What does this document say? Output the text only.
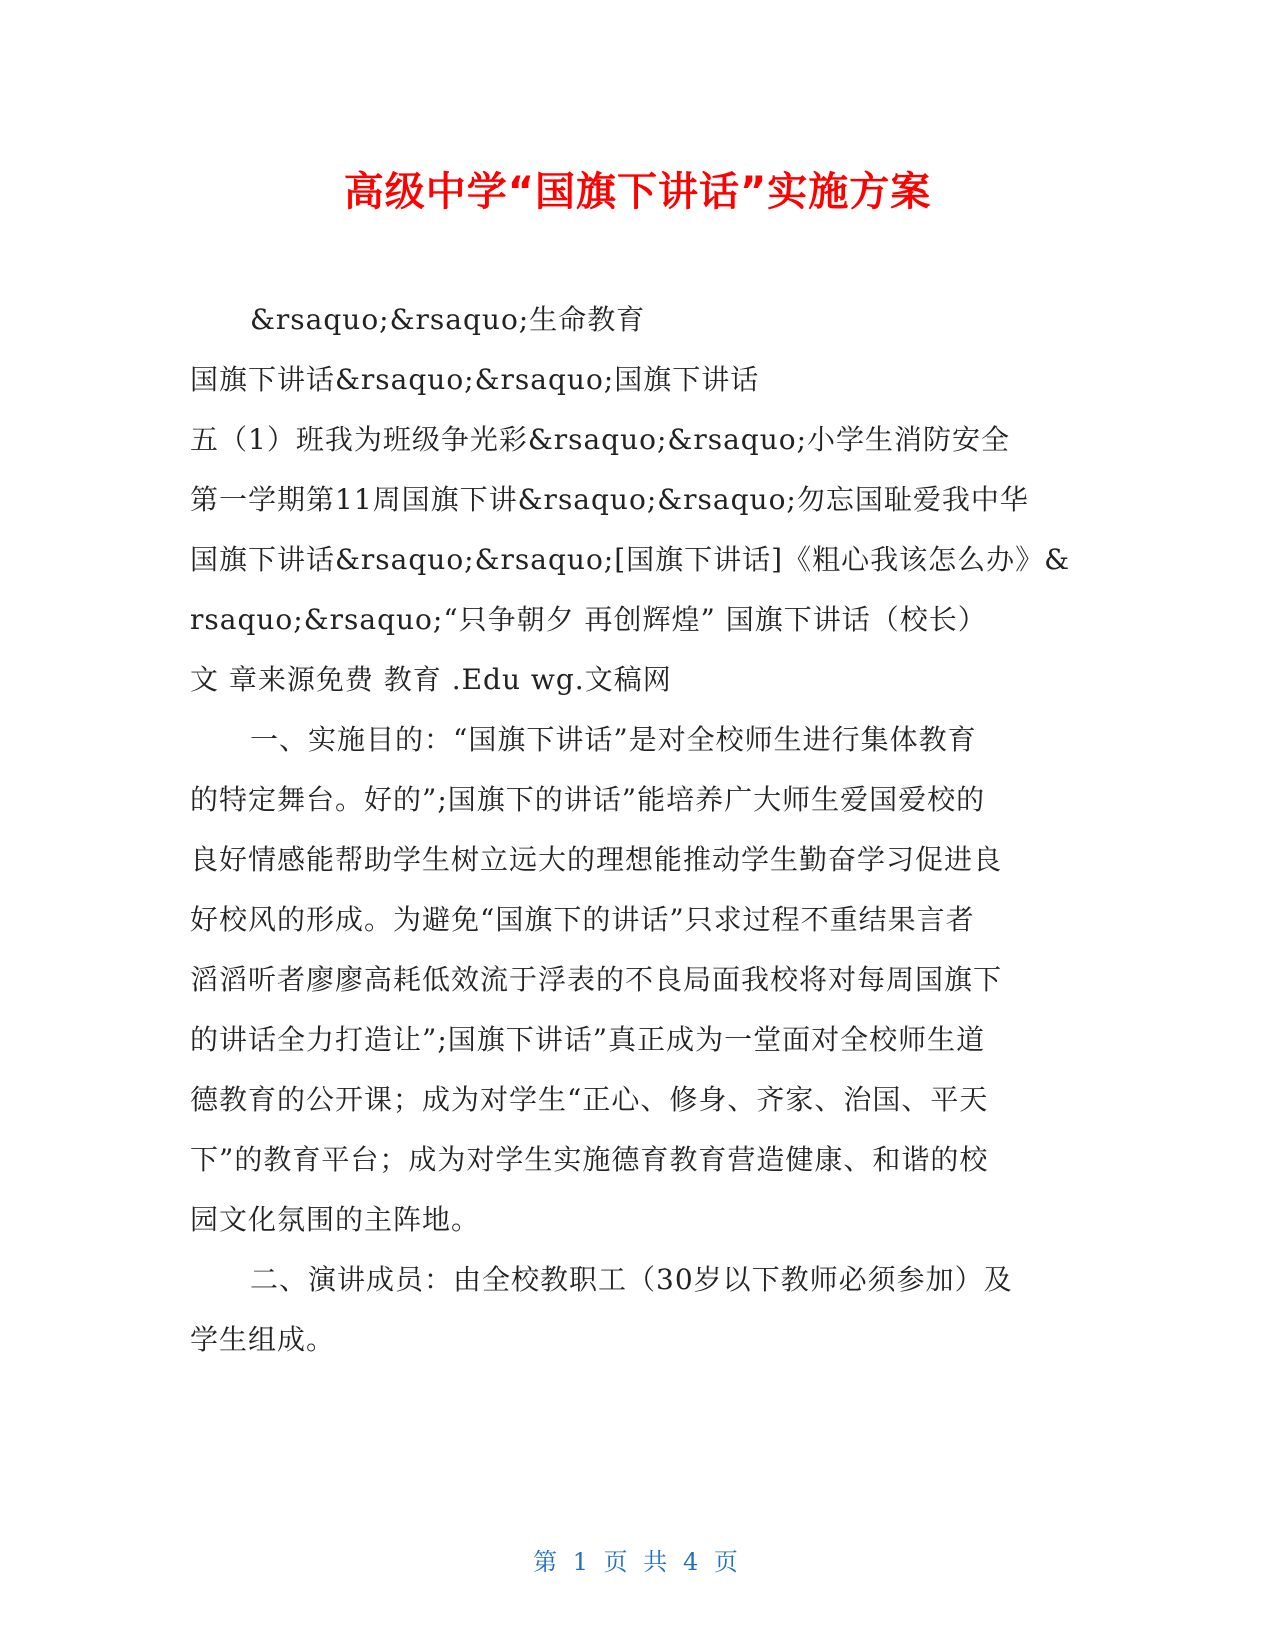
高级中学“国旗下讲话”实施方案
&rsaquo;&rsaquo;生命教育
国旗下讲话&rsaquo;&rsaquo;国旗下讲话
五（1）班我为班级争光彩&rsaquo;&rsaquo;小学生消防安全
第一学期第11周国旗下讲&rsaquo;&rsaquo;勿忘国耻爱我中华
国旗下讲话&rsaquo;&rsaquo;[国旗下讲话]《粗心我该怎么办》&
rsaquo;&rsaquo;“只争朝夕 再创辉煌” 国旗下讲话（校长）
文 章来源免费 教育 .Edu wg.文稿网
一、实施目的：“国旗下讲话”是对全校师生进行集体教育
的特定舞台。好的”;国旗下的讲话”能培养广大师生爱国爱校的
良好情感能帮助学生树立远大的理想能推动学生勤奋学习促进良
好校风的形成。为避免“国旗下的讲话”只求过程不重结果言者
滔滔听者廖廖高耗低效流于浮表的不良局面我校将对每周国旗下
的讲话全力打造让”;国旗下讲话”真正成为一堂面对全校师生道
德教育的公开课；成为对学生“正心、修身、齐家、治国、平天
下”的教育平台；成为对学生实施德育教育营造健康、和谐的校
园文化氛围的主阵地。
二、演讲成员：由全校教职工（30岁以下教师必须参加）及
学生组成。
第 1 页 共 4 页
